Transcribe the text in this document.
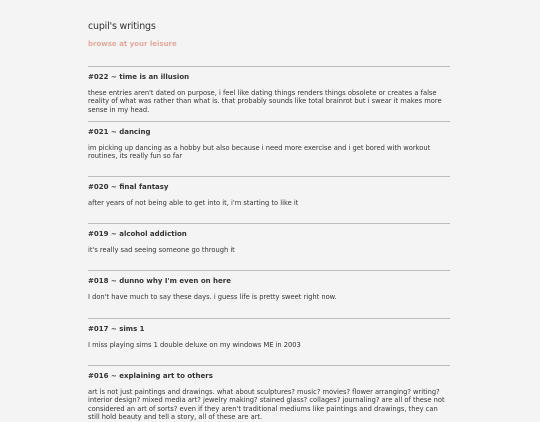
cupil's writings

browse at your leisure

#022 ~ time is an illusion
these entries aren't dated on purpose, i feel like dating things renders things obsolete or creates a false reality of what was rather than what is. that probably sounds like total brainrot but i swear it makes more sense in my head.
#021 ~ dancing
im picking up dancing as a hobby but also because i need more exercise and i get bored with workout routines, its really fun so far
#020 ~ final fantasy
after years of not being able to get into it, i'm starting to like it
#019 ~ alcohol addiction
it's really sad seeing someone go through it
#018 ~ dunno why I'm even on here
I don't have much to say these days. i guess life is pretty sweet right now.
#017 ~ sims 1
I miss playing sims 1 double deluxe on my windows ME in 2003
#016 ~ explaining art to others
art is not just paintings and drawings. what about sculptures? music? movies? flower arranging? writing? interior design? mixed media art? jewelry making? stained glass? collages? journaling? are all of these not considered an art of sorts? even if they aren't traditional mediums like paintings and drawings, they can still hold beauty and tell a story, all of these are art.
